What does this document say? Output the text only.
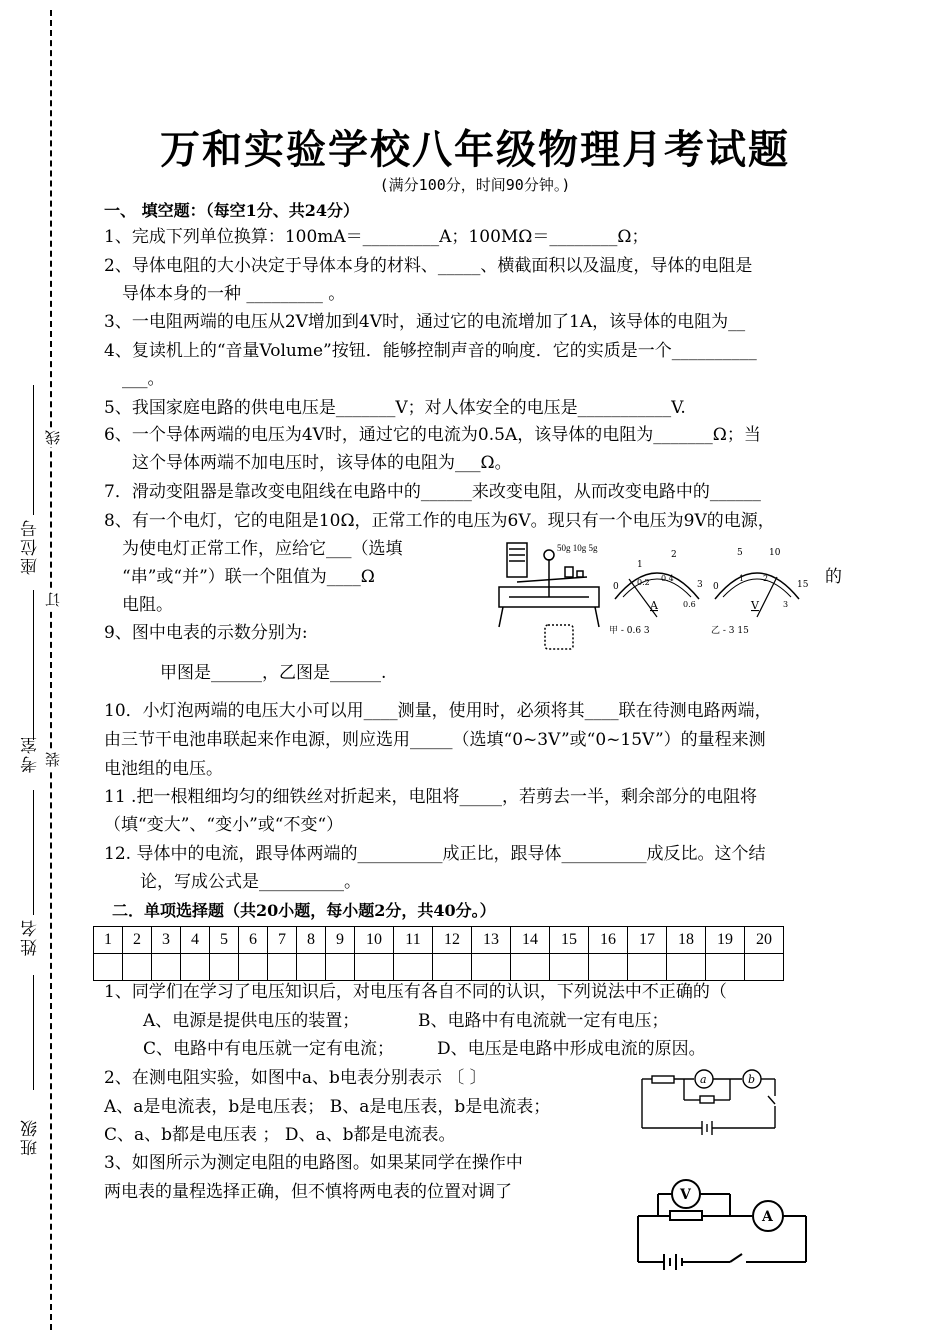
座位号
线
订
考室 装
姓名
班级
万和实验学校八年级物理月考试题
(满分100分，时间90分钟。)
一、 填空题：（每空1分、共24分）
1、完成下列单位换算：100mA＝_________A；100MΩ＝________Ω；
2、导体电阻的大小决定于导体本身的材料、_____、横截面积以及温度，导体的电阻是
导体本身的一种 _________ 。
3、一电阻两端的电压从2V增加到4V时，通过它的电流增加了1A，该导体的电阻为__
4、复读机上的“音量Volume”按钮．能够控制声音的响度．它的实质是一个__________
___。
5、我国家庭电路的供电电压是_______V；对人体安全的电压是___________V.
6、一个导体两端的电压为4V时，通过它的电流为0.5A，该导体的电阻为_______Ω；当
这个导体两端不加电压时，该导体的电阻为___Ω。
7．滑动变阻器是靠改变电阻线在电路中的______来改变电阻，从而改变电路中的______
8、有一个电灯，它的电阻是10Ω，正常工作的电压为6V。现只有一个电压为9V的电源，
为使电灯正常工作，应给它___（选填
“串”或“并”）联一个阻值为____Ω	的
电阻。
9、图中电表的示数分别为:
甲图是______，乙图是______.
10．小灯泡两端的电压大小可以用____测量，使用时，必须将其____联在待测电路两端，
由三节干电池串联起来作电源，则应选用_____（选填“0~3V”或“0~15V”）的量程来测
电池组的电压。
11 .把一根粗细均匀的细铁丝对折起来，电阻将_____，若剪去一半，剩余部分的电阻将
（填“变大”、“变小”或“不变“）
12. 导体中的电流，跟导体两端的__________成正比，跟导体__________成反比。这个结
论，写成公式是__________。
50g 10g 5g
0
1
2
3
0.2 0.4
0.6
A
甲 - 0.6 3
0
5	10
15
1 2
3
V
乙 - 3 15
二．单项选择题（共20小题，每小题2分，共40分。）
1	2	3	4	5	6	7	8	9	10	11	12	13	14	15	16	17	18	19	20

1、同学们在学习了电压知识后，对电压有各自不同的认识，下列说法中不正确的（
A、电源是提供电压的装置；	B、电路中有电流就一定有电压；
C、电路中有电压就一定有电流；	D、电压是电路中形成电流的原因。
2、在测电阻实验，如图中a、b电表分别表示 〔 〕
A、a是电流表，b是电压表； B、a是电压表，b是电流表；
C、a、b都是电压表 ； D、a、b都是电流表。
3、如图所示为测定电阻的电路图。如果某同学在操作中
两电表的量程选择正确，但不慎将两电表的位置对调了
a	b
V
A
